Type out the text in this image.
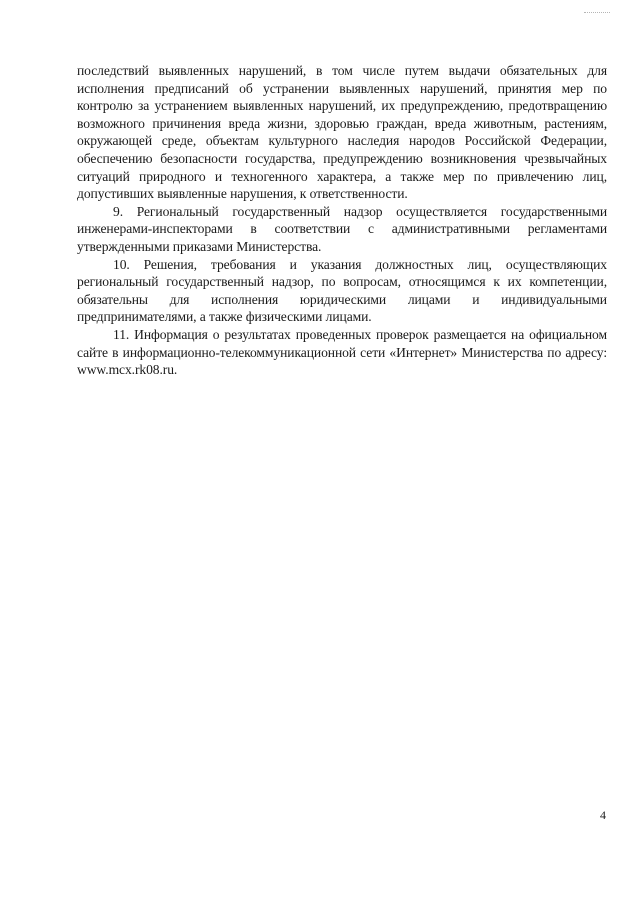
последствий выявленных нарушений, в том числе путем выдачи обязательных для исполнения предписаний об устранении выявленных нарушений, принятия мер по контролю за устранением выявленных нарушений, их предупреждению, предотвращению возможного причинения вреда жизни, здоровью граждан, вреда животным, растениям, окружающей среде, объектам культурного наследия народов Российской Федерации, обеспечению безопасности государства, предупреждению возникновения чрезвычайных ситуаций природного и техногенного характера, а также мер по привлечению лиц, допустивших выявленные нарушения, к ответственности.

9. Региональный государственный надзор осуществляется государственными инженерами-инспекторами в соответствии с административными регламентами утвержденными приказами Министерства.

10. Решения, требования и указания должностных лиц, осуществляющих региональный государственный надзор, по вопросам, относящимся к их компетенции, обязательны для исполнения юридическими лицами и индивидуальными предпринимателями, а также физическими лицами.

11. Информация о результатах проведенных проверок размещается на официальном сайте в информационно-телекоммуникационной сети «Интернет» Министерства по адресу: www.mcx.rk08.ru.

4
